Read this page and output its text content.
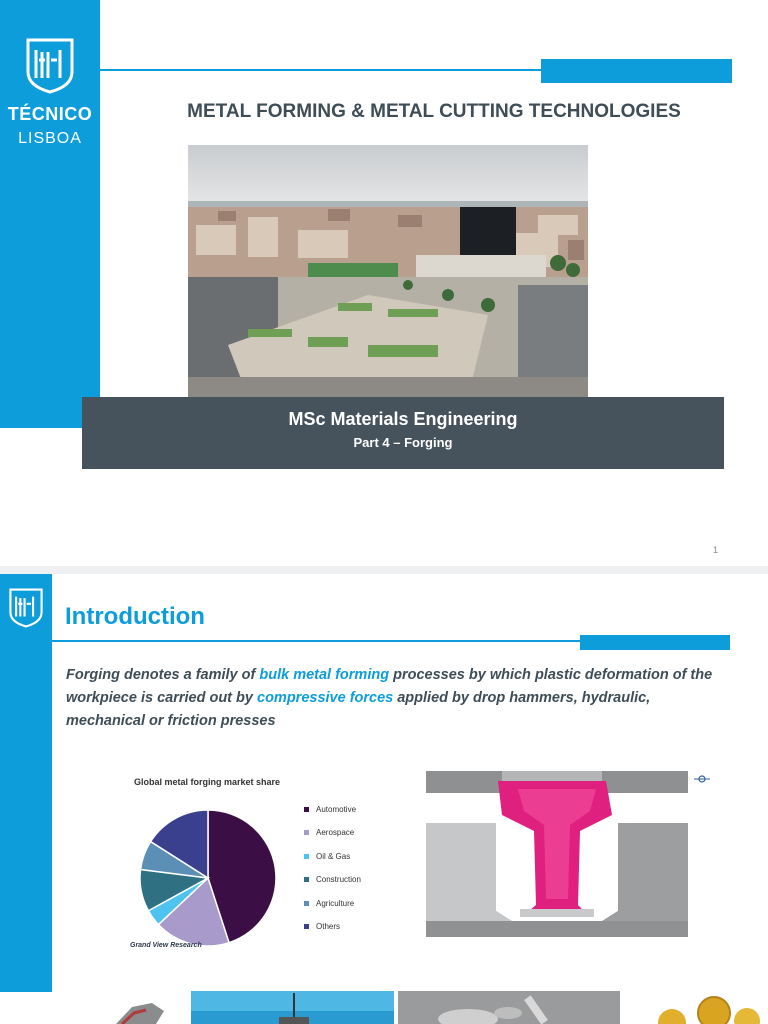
TÉCNICO
LISBOA
METAL FORMING & METAL CUTTING TECHNOLOGIES
MSc Materials Engineering
Part 4 – Forging
1
Introduction
Forging denotes a family of bulk metal forming processes by which plastic deformation of the workpiece is carried out by compressive forces applied by drop hammers, hydraulic, mechanical or friction presses
Global metal forging market share
Automotive
Aerospace
Oil & Gas
Construction
Agriculture
Others
Grand View Research
